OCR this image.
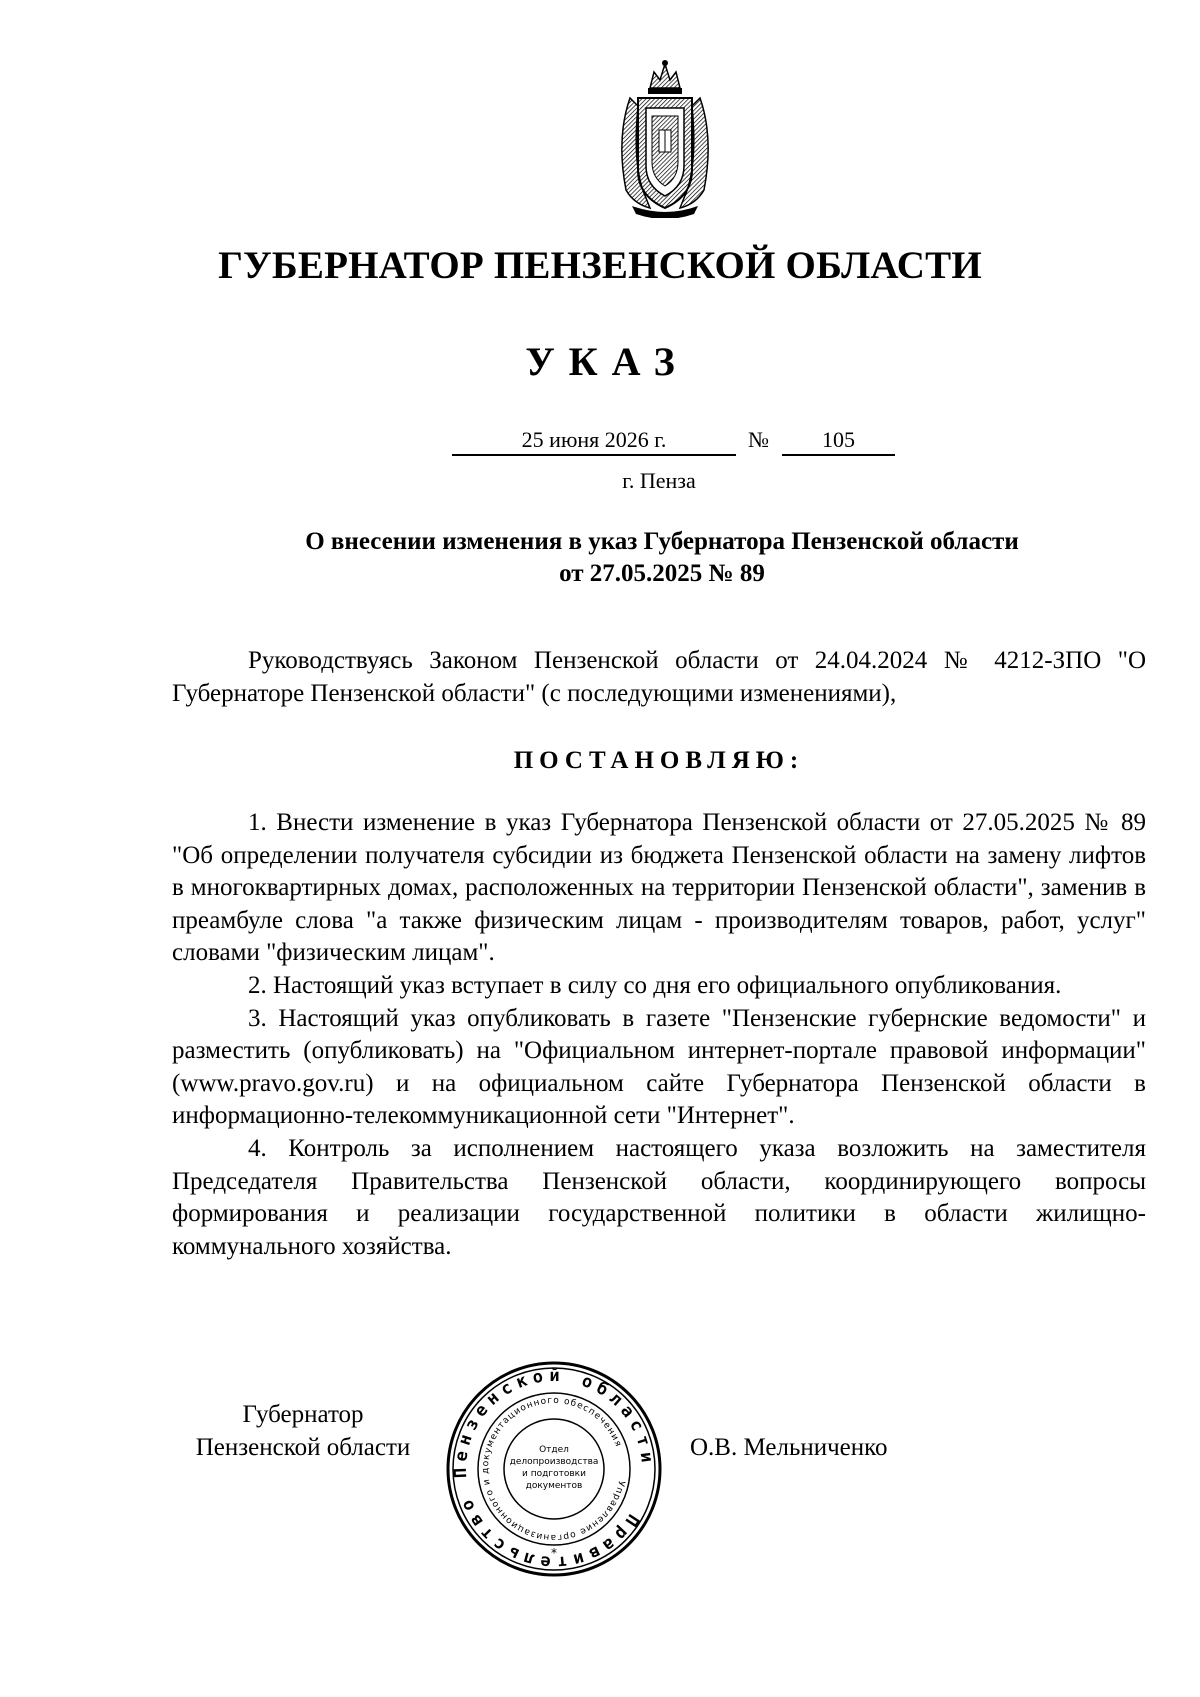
ГУБЕРНАТОР ПЕНЗЕНСКОЙ ОБЛАСТИ
УКАЗ
25 июня 2026 г.	№	105
г. Пенза
О внесении изменения в указ Губернатора Пензенской области
от 27.05.2025 № 89

Руководствуясь Законом Пензенской области от 24.04.2024 № 4212-ЗПО "О Губернаторе Пензенской области" (с последующими изменениями),

ПОСТАНОВЛЯЮ:

1. Внести изменение в указ Губернатора Пензенской области от 27.05.2025 № 89 "Об определении получателя субсидии из бюджета Пензенской области на замену лифтов в многоквартирных домах, расположенных на территории Пензенской области", заменив в преамбуле слова "а также физическим лицам - производителям товаров, работ, услуг" словами "физическим лицам".

2. Настоящий указ вступает в силу со дня его официального опубликования.

3. Настоящий указ опубликовать в газете "Пензенские губернские ведомости" и разместить (опубликовать) на "Официальном интернет-портале правовой информации" (www.pravo.gov.ru) и на официальном сайте Губернатора Пензенской области в информационно-телекоммуникационной сети "Интернет".

4. Контроль за исполнением настоящего указа возложить на заместителя Председателя Правительства Пензенской области, координирующего вопросы формирования и реализации государственной политики в области жилищно-коммунального хозяйства.

Губернатор
Пензенской области
Правительство Пензенской области
Управление организационного и документационного обеспечения
Отдел
делопроизводства
и подготовки
документов
*
О.В. Мельниченко
